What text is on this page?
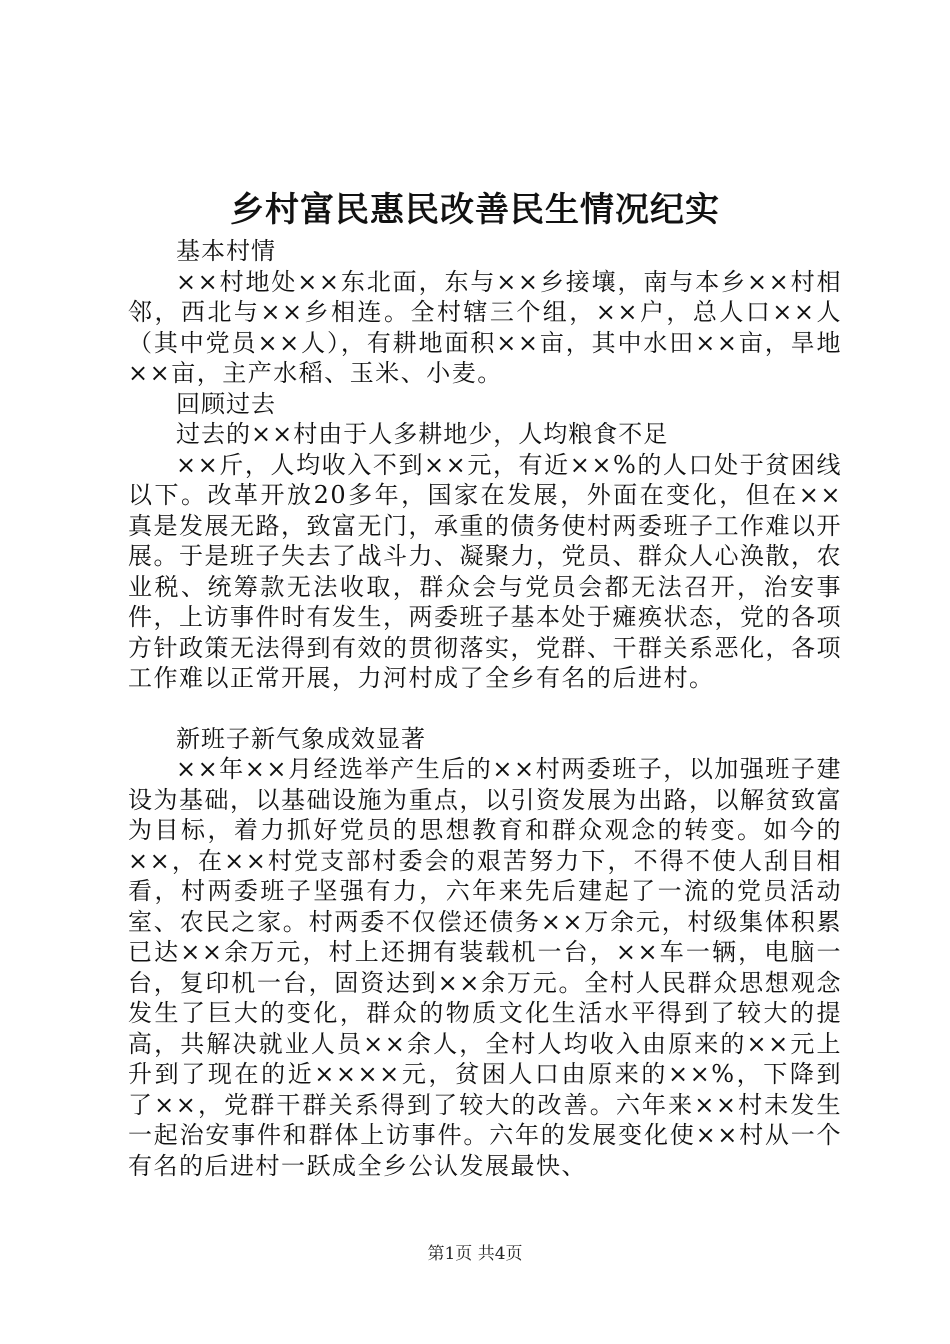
乡村富民惠民改善民生情况纪实

基本村情

××村地处××东北面，东与××乡接壤，南与本乡××村相邻，西北与××乡相连。全村辖三个组，××户，总人口××人（其中党员××人），有耕地面积××亩，其中水田××亩，旱地××亩，主产水稻、玉米、小麦。

回顾过去

过去的××村由于人多耕地少，人均粮食不足

××斤，人均收入不到××元，有近××%的人口处于贫困线以下。改革开放20多年，国家在发展，外面在变化，但在××真是发展无路，致富无门，承重的债务使村两委班子工作难以开展。于是班子失去了战斗力、凝聚力，党员、群众人心涣散，农业税、统筹款无法收取，群众会与党员会都无法召开，治安事件，上访事件时有发生，两委班子基本处于瘫痪状态，党的各项方针政策无法得到有效的贯彻落实，党群、干群关系恶化，各项工作难以正常开展，力河村成了全乡有名的后进村。

新班子新气象成效显著

××年××月经选举产生后的××村两委班子，以加强班子建设为基础，以基础设施为重点，以引资发展为出路，以解贫致富为目标，着力抓好党员的思想教育和群众观念的转变。如今的××，在××村党支部村委会的艰苦努力下，不得不使人刮目相看，村两委班子坚强有力，六年来先后建起了一流的党员活动室、农民之家。村两委不仅偿还债务××万余元，村级集体积累已达××余万元，村上还拥有装载机一台，××车一辆，电脑一台，复印机一台，固资达到××余万元。全村人民群众思想观念发生了巨大的变化，群众的物质文化生活水平得到了较大的提高，共解决就业人员××余人，全村人均收入由原来的××元上升到了现在的近××××元，贫困人口由原来的××%，下降到了××，党群干群关系得到了较大的改善。六年来××村未发生一起治安事件和群体上访事件。六年的发展变化使××村从一个有名的后进村一跃成全乡公认发展最快、

第1页 共4页
